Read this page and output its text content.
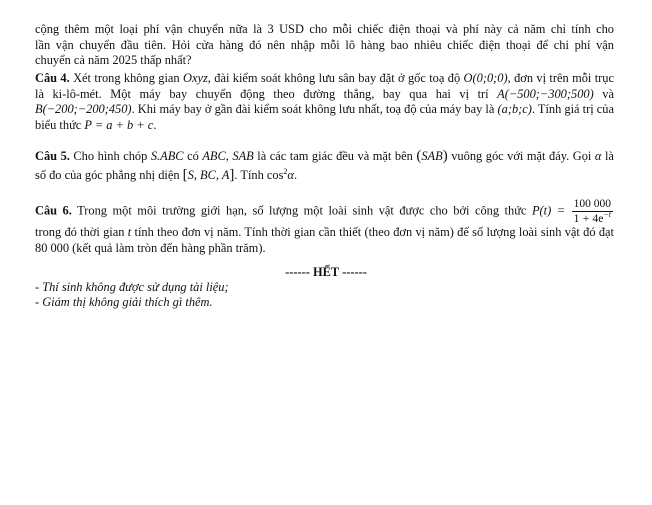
cộng thêm một loại phí vận chuyển nữa là 3 USD cho mỗi chiếc điện thoại và phí này cả năm chỉ tính cho
lần vận chuyển đầu tiên. Hỏi cửa hàng đó nên nhập mỗi lô hàng bao nhiêu chiếc điện thoại để chi phí vận
chuyển cả năm 2025 thấp nhất?

Câu 4. Xét trong không gian Oxyz, đài kiểm soát không lưu sân bay đặt ở gốc toạ độ O(0;0;0), đơn vị trên mỗi trục là ki-lô-mét. Một máy bay chuyển động theo đường thẳng, bay qua hai vị trí A(−500;−300;500) và B(−200;−200;450). Khi máy bay ở gần đài kiểm soát không lưu nhất, toạ độ của máy bay là (a;b;c). Tính giá trị của biểu thức P = a + b + c.

Câu 5. Cho hình chóp S.ABC có ABC, SAB là các tam giác đều và mặt bên (SAB) vuông góc với mặt đáy. Gọi α là số đo của góc phẳng nhị diện [S, BC, A]. Tính $\cos^2\alpha$.

Câu 6. Trong một môi trường giới hạn, số lượng một loài sinh vật được cho bởi công thức $P(t) = \frac{100 000}{1 + 4e^{-t}}$
trong đó thời gian t tính theo đơn vị năm. Tính thời gian cần thiết (theo đơn vị năm) để số lượng loài sinh vật đó đạt 80 000 (kết quả làm tròn đến hàng phần trăm).

------ HẾT ------
- Thí sinh không được sử dụng tài liệu;
- Giám thị không giải thích gì thêm.
